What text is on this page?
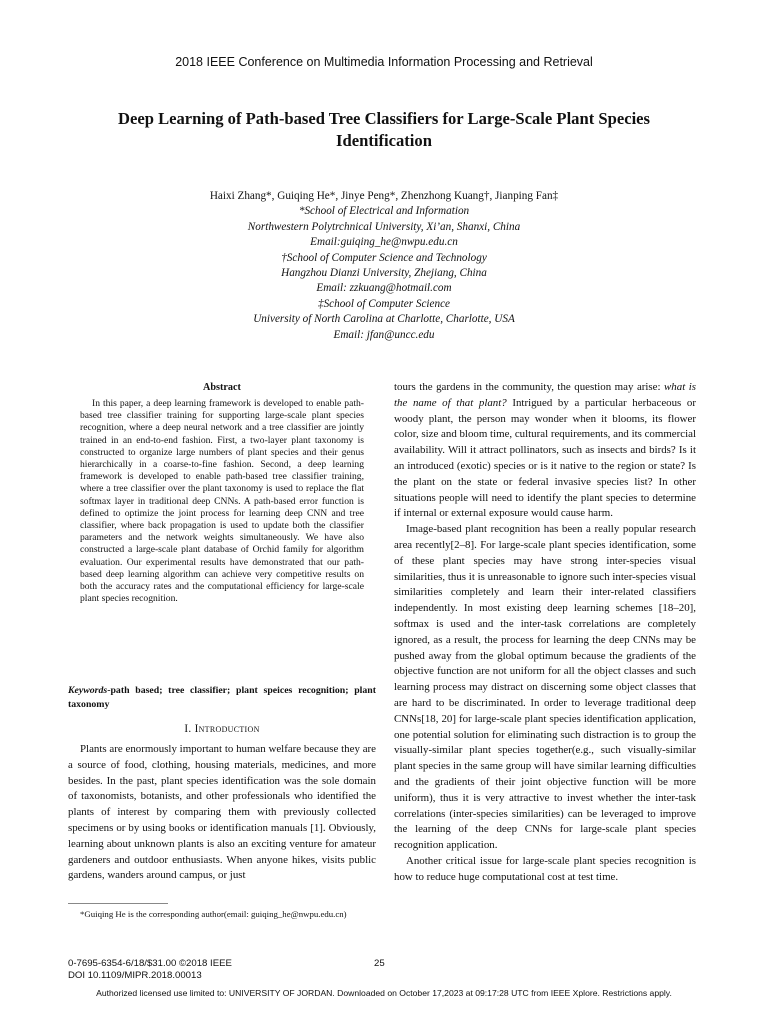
2018 IEEE Conference on Multimedia Information Processing and Retrieval
Deep Learning of Path-based Tree Classifiers for Large-Scale Plant Species
Identification
Haixi Zhang*, Guiqing He*, Jinye Peng*, Zhenzhong Kuang†, Jianping Fan‡
*School of Electrical and Information
Northwestern Polytrchnical University, Xi’an, Shanxi, China
Email:guiqing_he@nwpu.edu.cn
†School of Computer Science and Technology
Hangzhou Dianzi University, Zhejiang, China
Email: zzkuang@hotmail.com
‡School of Computer Science
University of North Carolina at Charlotte, Charlotte, USA
Email: jfan@uncc.edu
Abstract

In this paper, a deep learning framework is developed to enable path-based tree classifier training for supporting large-scale plant species recognition, where a deep neural network and a tree classifier are jointly trained in an end-to-end fashion. First, a two-layer plant taxonomy is constructed to organize large numbers of plant species and their genus hierarchically in a coarse-to-fine fashion. Second, a deep learning framework is developed to enable path-based tree classifier training, where a tree classifier over the plant taxonomy is used to replace the flat softmax layer in traditional deep CNNs. A path-based error function is defined to optimize the joint process for learning deep CNN and tree classifier, where back propagation is used to update both the classifier parameters and the network weights simultaneously. We have also constructed a large-scale plant database of Orchid family for algorithm evaluation. Our experimental results have demonstrated that our path-based deep learning algorithm can achieve very competitive results on both the accuracy rates and the computational efficiency for large-scale plant species recognition.

Keywords-path based; tree classifier; plant speices recognition; plant taxonomy
I. Introduction

Plants are enormously important to human welfare because they are a source of food, clothing, housing materials, medicines, and more besides. In the past, plant species identification was the sole domain of taxonomists, botanists, and other professionals who identified the plants of interest by comparing them with previously collected specimens or by using books or identification manuals [1]. Obviously, learning about unknown plants is also an exciting venture for amateur gardeners and outdoor enthusiasts. When anyone hikes, visits public gardens, wanders around campus, or just

*Guiqing He is the corresponding author(email: guiqing_he@nwpu.edu.cn)

tours the gardens in the community, the question may arise: what is the name of that plant? Intrigued by a particular herbaceous or woody plant, the person may wonder when it blooms, its flower color, size and bloom time, cultural requirements, and its commercial availability. Will it attract pollinators, such as insects and birds? Is it an introduced (exotic) species or is it native to the region or state? Is the plant on the state or federal invasive species list? In other situations people will need to identify the plant species to determine if internal or external exposure would cause harm.

Image-based plant recognition has been a really popular research area recently[2–8]. For large-scale plant species identification, some of these plant species may have strong inter-species visual similarities, thus it is unreasonable to ignore such inter-species visual similarities completely and learn their inter-related classifiers independently. In most existing deep learning schemes [18–20], softmax is used and the inter-task correlations are completely ignored, as a result, the process for learning the deep CNNs may be pushed away from the global optimum because the gradients of the objective function are not uniform for all the object classes and such learning process may distract on discerning some object classes that are hard to be discriminated. In order to leverage traditional deep CNNs[18, 20] for large-scale plant species identification application, one potential solution for eliminating such distraction is to group the visually-similar plant species together(e.g., such visually-similar plant species in the same group will have similar learning difficulties and the gradients of their joint objective function will be more uniform), thus it is very attractive to invest whether the inter-task correlations (inter-species similarities) can be leveraged to improve the learning of the deep CNNs for large-scale plant species recognition application.

Another critical issue for large-scale plant species recognition is how to reduce huge computational cost at test time.

0-7695-6354-6/18/$31.00 ©2018 IEEE
DOI 10.1109/MIPR.2018.00013
25
Authorized licensed use limited to: UNIVERSITY OF JORDAN. Downloaded on October 17,2023 at 09:17:28 UTC from IEEE Xplore. Restrictions apply.
